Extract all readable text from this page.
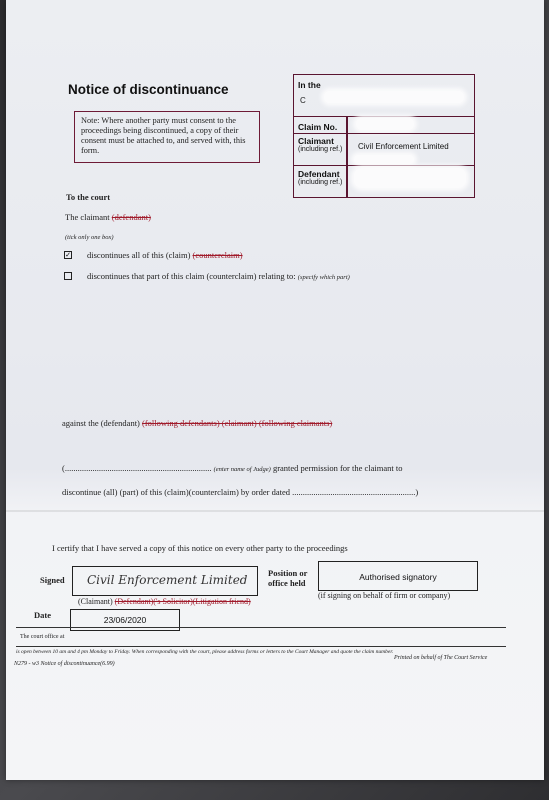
Notice of discontinuance
Note: Where another party must consent to the proceedings being discontinued, a copy of their consent must be attached to, and served with, this form.
In the
C
Claim No.
Claimant
(including ref.) Civil Enforcement Limited
Defendant
(including ref.)
To the court
The claimant (defendant)
(tick only one box)
✓ discontinues all of this (claim) (counterclaim)
discontinues that part of this claim (counterclaim) relating to: (specify which part)
against the (defendant) (following defendants) (claimant) (following claimants)
(..................................................................... (enter name of Judge) granted permission for the claimant to
discontinue (all) (part) of this (claim)(counterclaim) by order dated ..........................................................)
I certify that I have served a copy of this notice on every other party to the proceedings
Signed	Civil Enforcement Limited
(Claimant) (Defendant)('s Solicitor)(Litigation friend)
Position or
office held
Authorised signatory
(if signing on behalf of firm or company)
Date	23/06/2020
The court office at
is open between 10 am and 4 pm Monday to Friday. When corresponding with the court, please address forms or letters to the Court Manager and quote the claim number.
N279 - w3 Notice of discontinuance(6.99)
Printed on behalf of The Court Service
